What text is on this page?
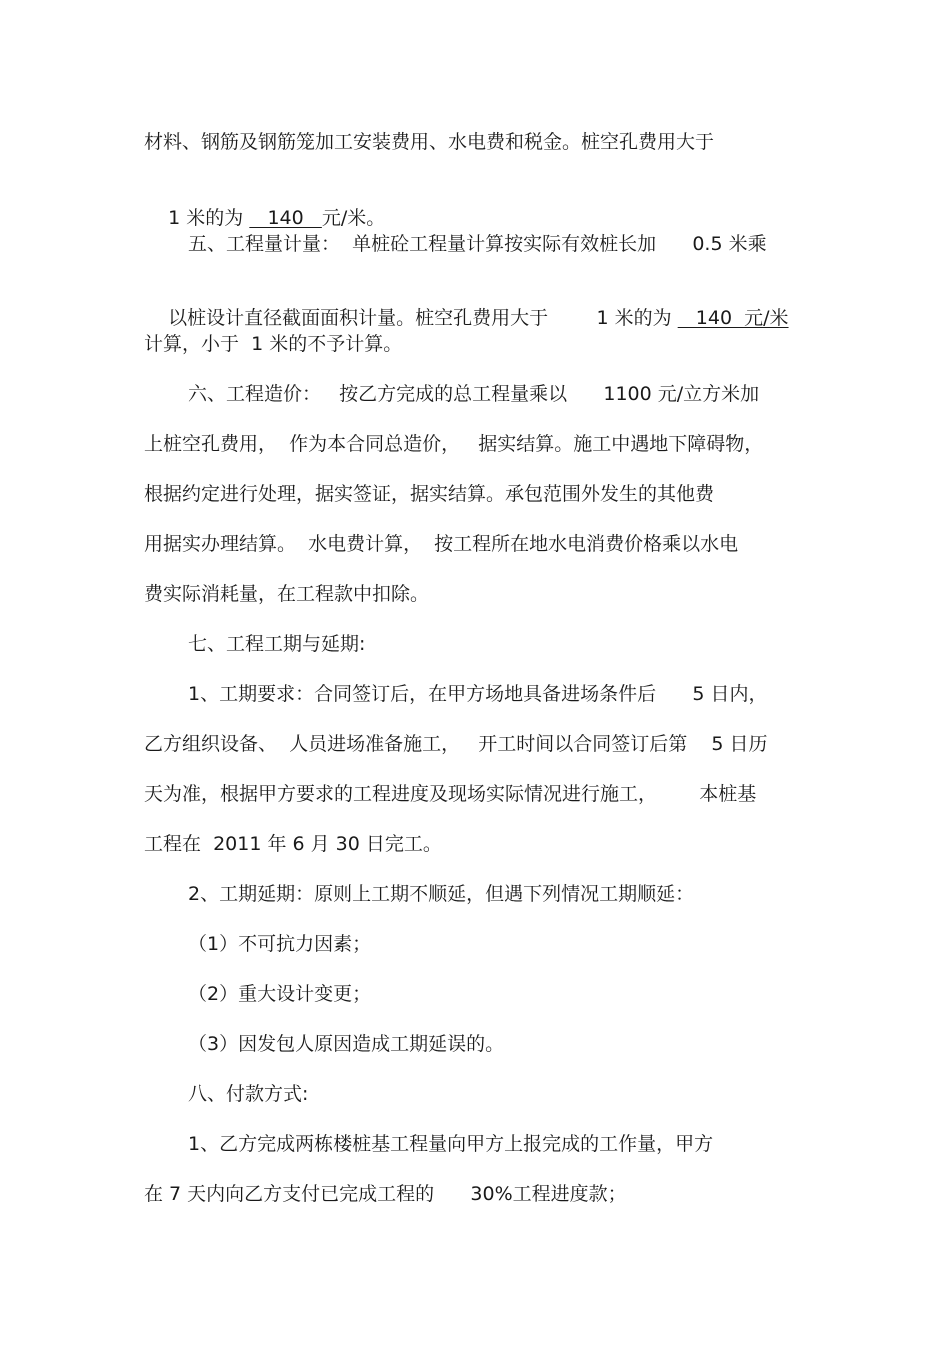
材料、钢筋及钢筋笼加工安装费用、水电费和税金。桩空孔费用大于

1 米的为    140   元/米。

五、工程量计量：  单桩砼工程量计算按实际有效桩长加      0.5 米乘

以桩设计直径截面面积计量。桩空孔费用大于        1 米的为    140  元/米

计算，小于  1 米的不予计算。
六、工程造价：   按乙方完成的总工程量乘以      1100 元/立方米加
上桩空孔费用，  作为本合同总造价，   据实结算。施工中遇地下障碍物，
根据约定进行处理，据实签证，据实结算。承包范围外发生的其他费
用据实办理结算。  水电费计算，  按工程所在地水电消费价格乘以水电
费实际消耗量，在工程款中扣除。
七、工程工期与延期:
1、工期要求：合同签订后，在甲方场地具备进场条件后      5 日内，
乙方组织设备、  人员进场准备施工，   开工时间以合同签订后第    5 日历
天为准，根据甲方要求的工程进度及现场实际情况进行施工，       本桩基
工程在  2011 年 6 月 30 日完工。
2、工期延期：原则上工期不顺延，但遇下列情况工期顺延：
（1）不可抗力因素；
（2）重大设计变更；
（3）因发包人原因造成工期延误的。
八、付款方式:
1、乙方完成两栋楼桩基工程量向甲方上报完成的工作量，甲方
在 7 天内向乙方支付已完成工程的      30%工程进度款；
